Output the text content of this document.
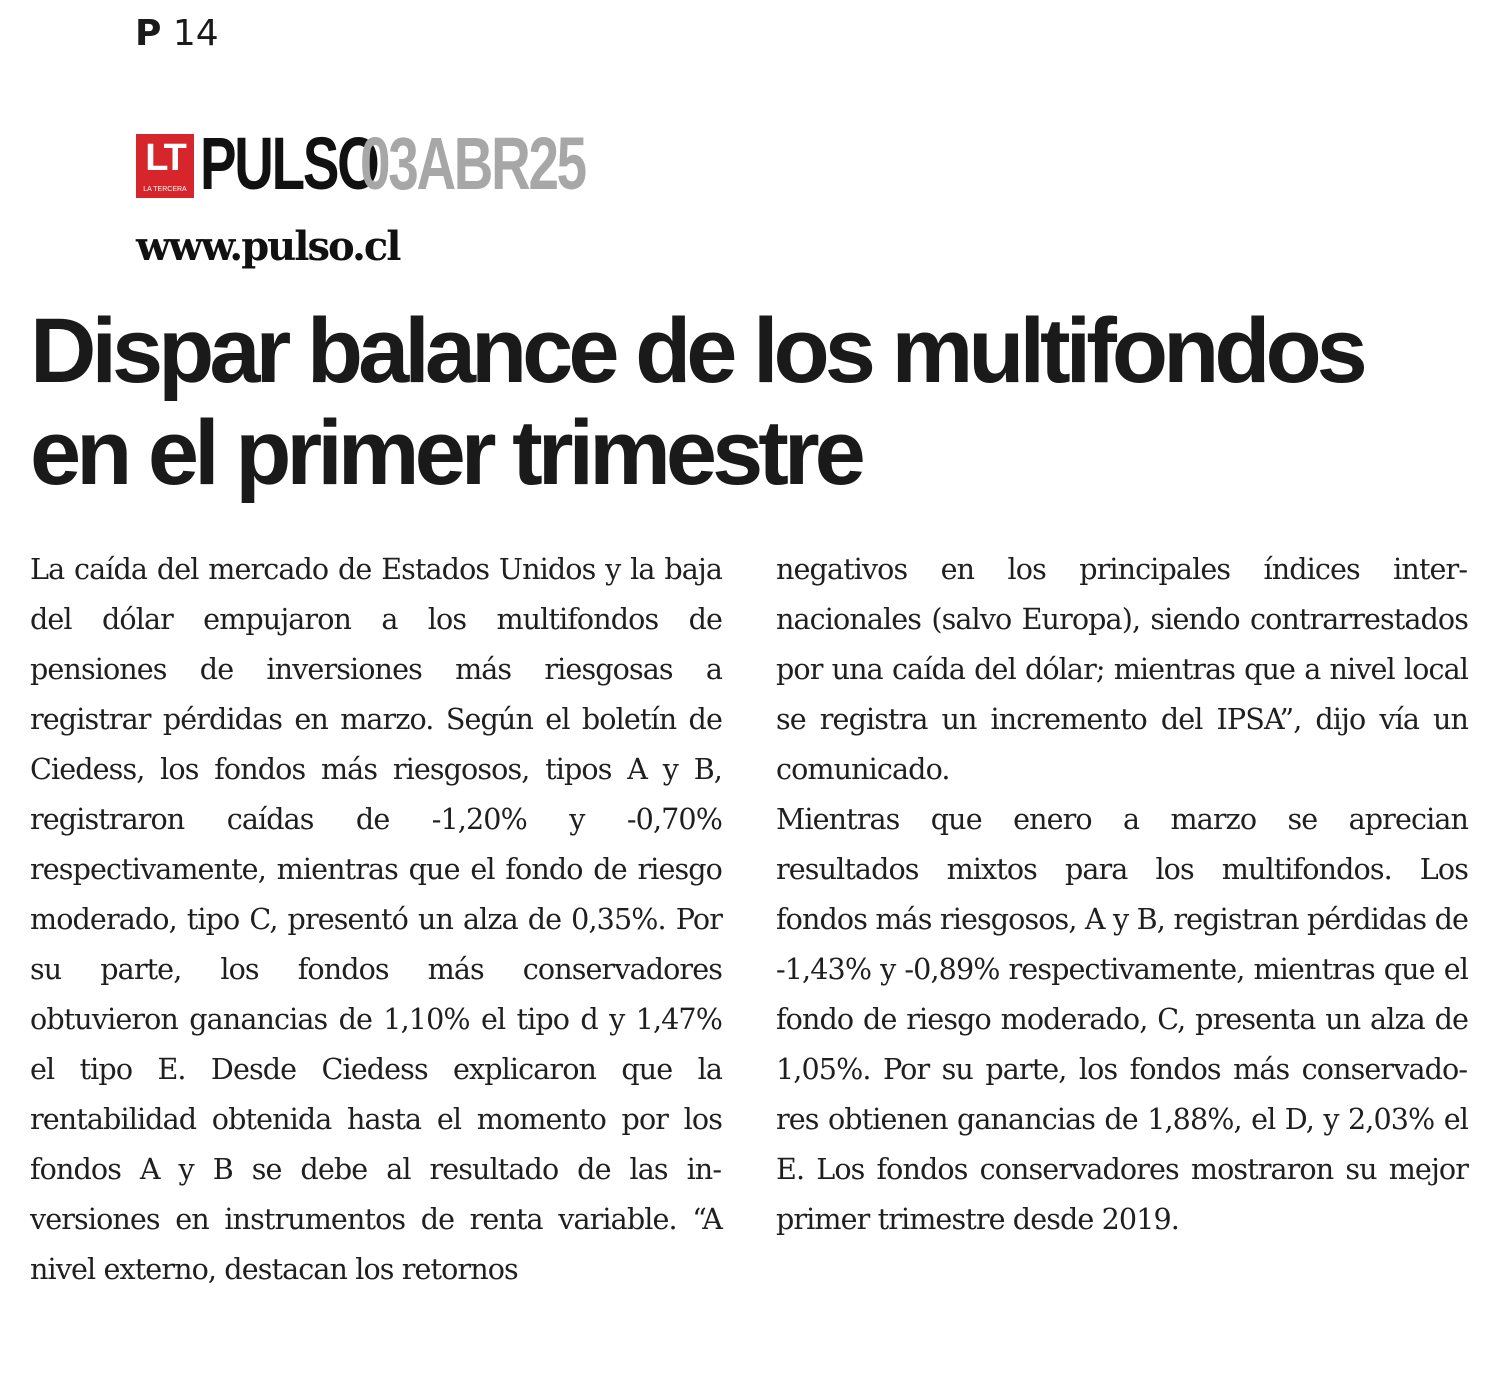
P 14
LT
LA TERCERA PULSO
03ABR25
www.pulso.cl
Dispar balance de los multifondos
en el primer trimestre

La caída del mercado de Estados Unidos y la baja del dólar empujaron a los multifondos de pensiones de inversiones más riesgosas a registrar pérdidas en marzo. Según el boletín de Ciedess, los fondos más riesgosos, tipos A y B, registraron caídas de -1,20% y -0,70% respectivamente, mientras que el fondo de riesgo moderado, tipo C, presentó un alza de 0,35%. Por su parte, los fondos más conservadores obtuvieron ganancias de 1,10% el tipo d y 1,47% el tipo E. Desde Ciedess explicaron que la rentabilidad obtenida hasta el momento por los fondos A y B se debe al resultado de las inversiones en instrumentos de renta variable. “A nivel externo, destacan los retornos

negativos en los principales índices internacionales (salvo Europa), siendo contrarrestados por una caída del dólar; mientras que a nivel local se registra un incremento del IPSA”, dijo vía un comunicado.

Mientras que enero a marzo se aprecian resultados mixtos para los multifondos. Los fondos más riesgosos, A y B, registran pérdidas de -1,43% y -0,89% respectivamente, mientras que el fondo de riesgo moderado, C, presenta un alza de 1,05%. Por su parte, los fondos más conservadores obtienen ganancias de 1,88%, el D, y 2,03% el E. Los fondos conservadores mostraron su mejor primer trimestre desde 2019.
